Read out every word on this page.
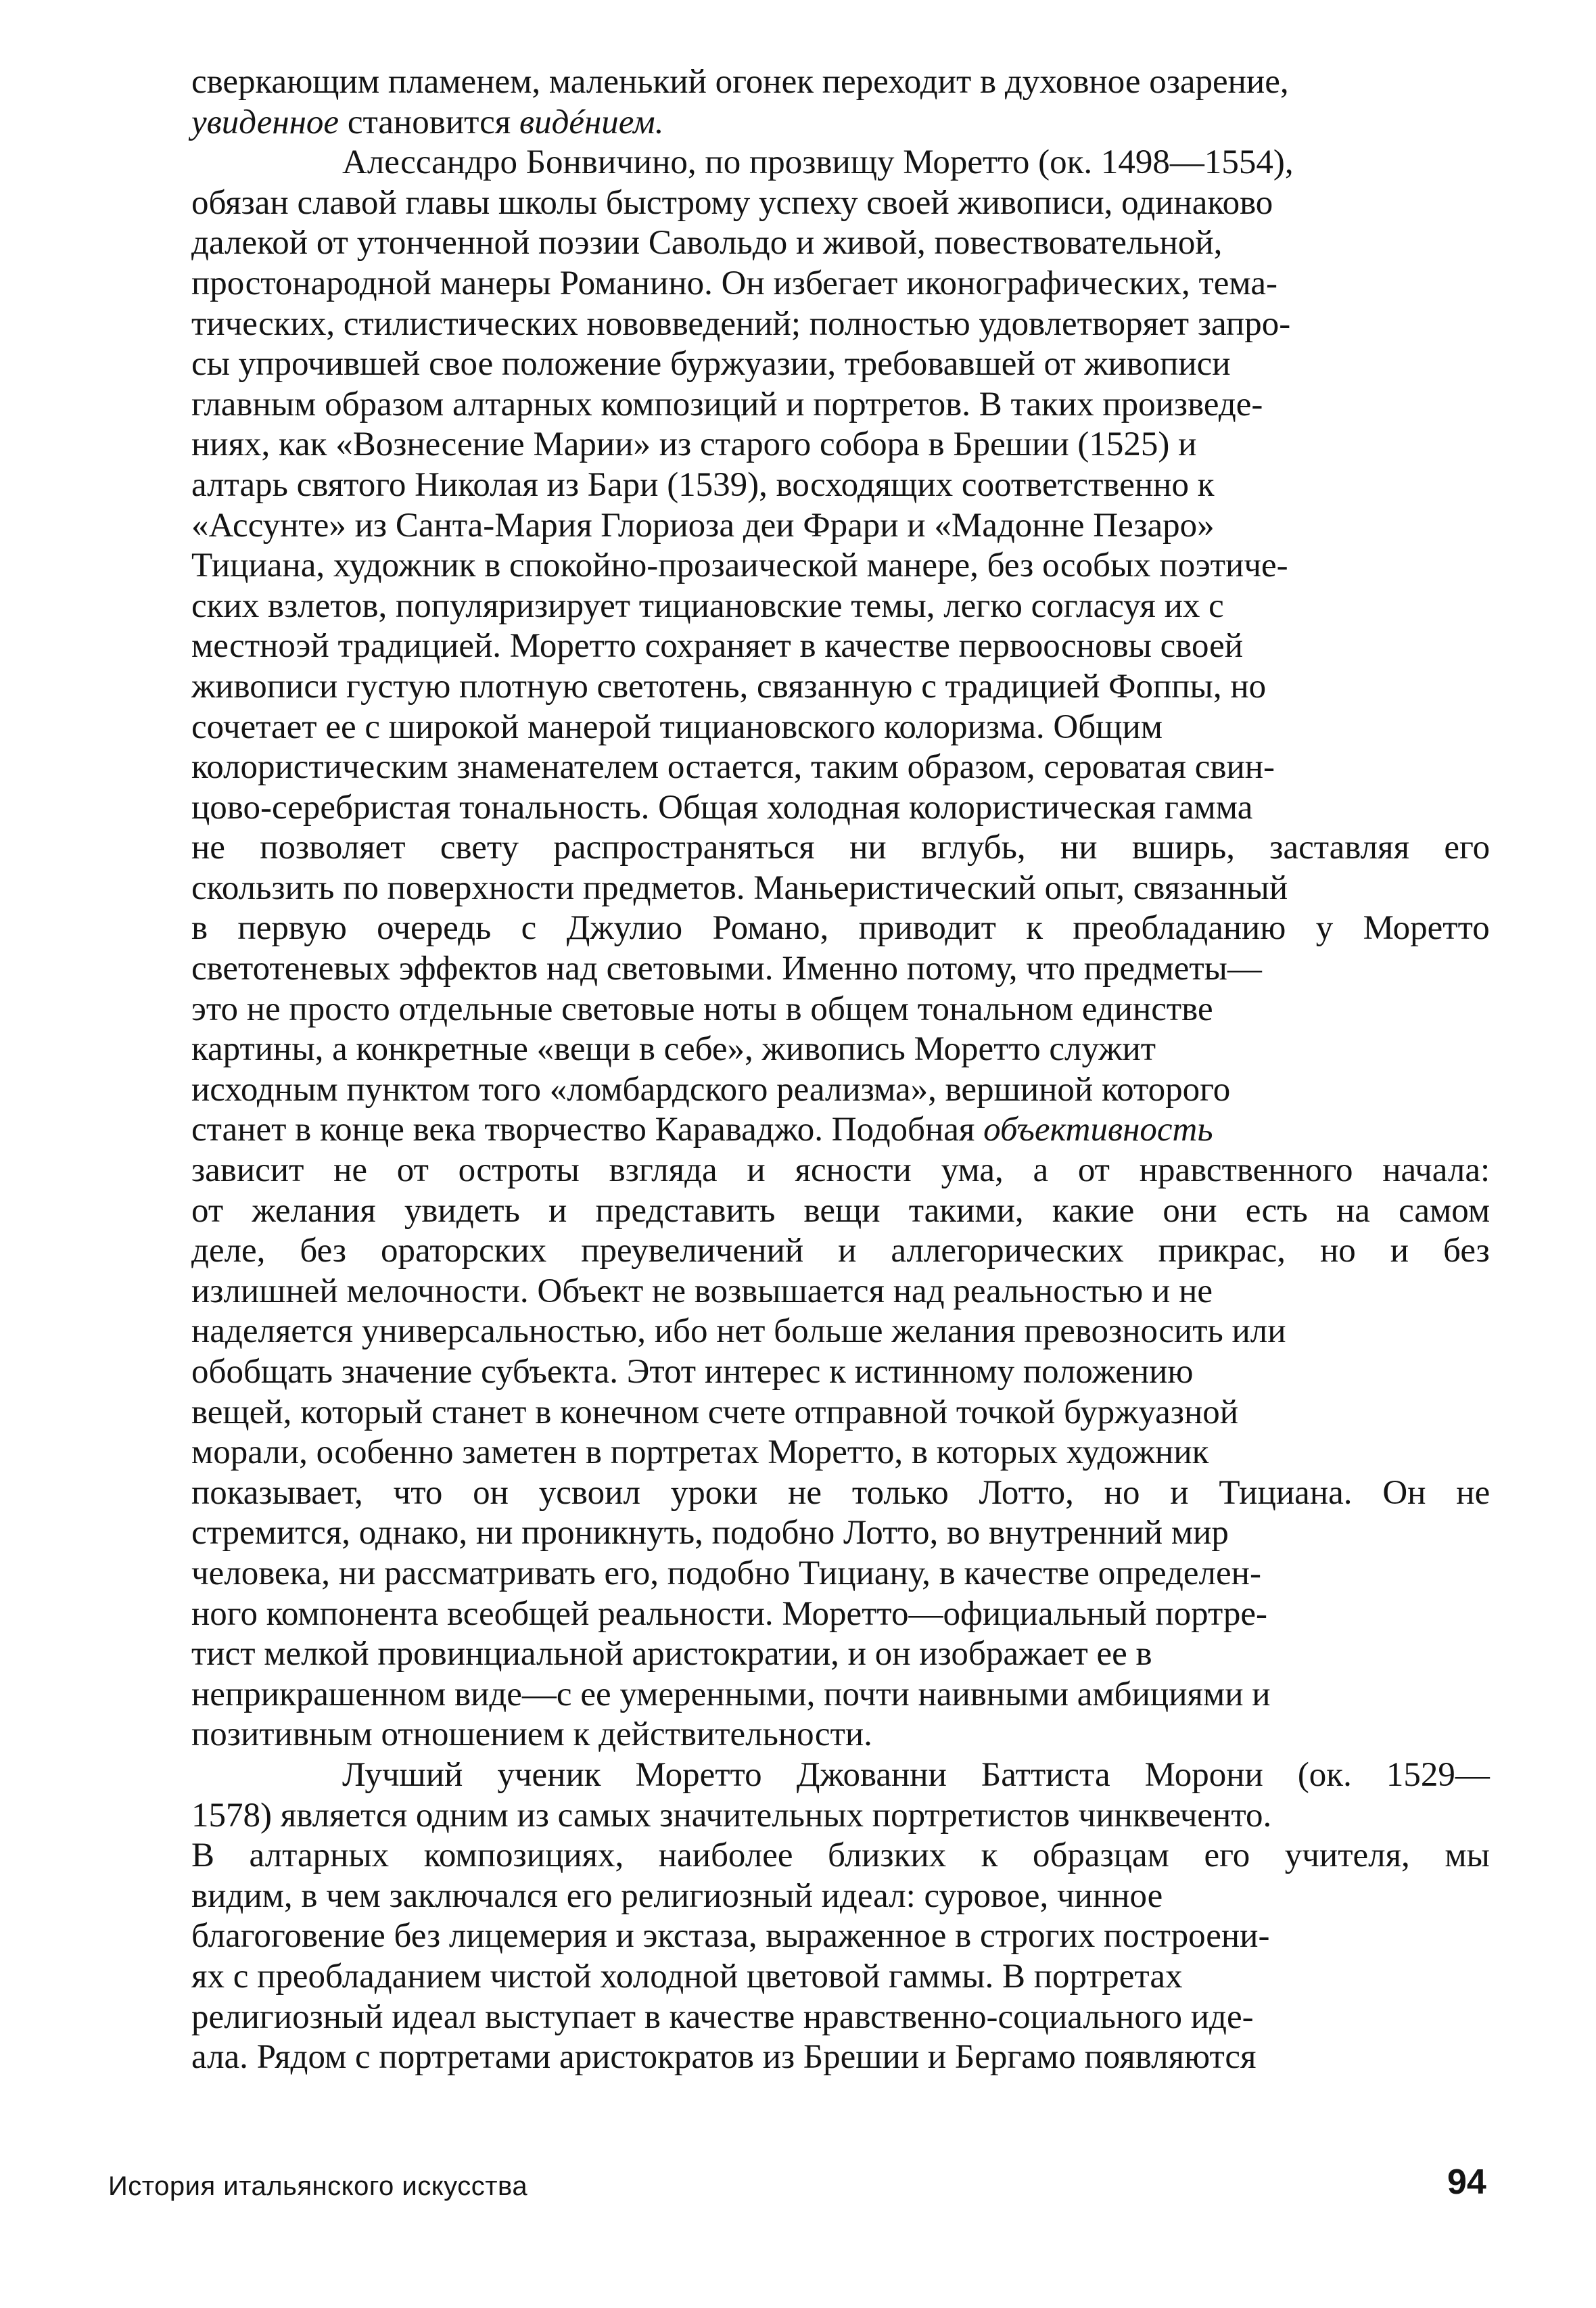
сверкающим пламенем, маленький огонек переходит в духовное озарение,
увиденное становится видéнием.
Алессандро Бонвичино, по прозвищу Моретто (ок. 1498—1554),
обязан славой главы школы быстрому успеху своей живописи, одинаково
далекой от утонченной поэзии Савольдо и живой, повествовательной,
простонародной манеры Романино. Он избегает иконографических, тема-
тических, стилистических нововведений; полностью удовлетворяет запро-
сы упрочившей свое положение буржуазии, требовавшей от живописи
главным образом алтарных композиций и портретов. В таких произведе-
ниях, как «Вознесение Марии» из старого собора в Брешии (1525) и
алтарь святого Николая из Бари (1539), восходящих соответственно к
«Ассунте» из Санта-Мария Глориоза деи Фрари и «Мадонне Пезаро»
Тициана, художник в спокойно-прозаической манере, без особых поэтиче-
ских взлетов, популяризирует тициановские темы, легко согласуя их с
местноэй традицией. Моретто сохраняет в качестве первоосновы своей
живописи густую плотную светотень, связанную с традицией Фоппы, но
сочетает ее с широкой манерой тициановского колоризма. Общим
колористическим знаменателем остается, таким образом, сероватая свин-
цово-серебристая тональность. Общая холодная колористическая гамма
не позволяет свету распространяться ни вглубь, ни вширь, заставляя его
скользить по поверхности предметов. Маньеристический опыт, связанный
в первую очередь с Джулио Романо, приводит к преобладанию у Моретто
светотеневых эффектов над световыми. Именно потому, что предметы—
это не просто отдельные световые ноты в общем тональном единстве
картины, а конкретные «вещи в себе», живопись Моретто служит
исходным пунктом того «ломбардского реализма», вершиной которого
станет в конце века творчество Караваджо. Подобная объективность
зависит не от остроты взгляда и ясности ума, а от нравственного начала:
от желания увидеть и представить вещи такими, какие они есть на самом
деле, без ораторских преувеличений и аллегорических прикрас, но и без
излишней мелочности. Объект не возвышается над реальностью и не
наделяется универсальностью, ибо нет больше желания превозносить или
обобщать значение субъекта. Этот интерес к истинному положению
вещей, который станет в конечном счете отправной точкой буржуазной
морали, особенно заметен в портретах Моретто, в которых художник
показывает, что он усвоил уроки не только Лотто, но и Тициана. Он не
стремится, однако, ни проникнуть, подобно Лотто, во внутренний мир
человека, ни рассматривать его, подобно Тициану, в качестве определен-
ного компонента всеобщей реальности. Моретто—официальный портре-
тист мелкой провинциальной аристократии, и он изображает ее в
неприкрашенном виде—с ее умеренными, почти наивными амбициями и
позитивным отношением к действительности.
Лучший ученик Моретто Джованни Баттиста Морони (ок. 1529—
1578) является одним из самых значительных портретистов чинквеченто.
В алтарных композициях, наиболее близких к образцам его учителя, мы
видим, в чем заключался его религиозный идеал: суровое, чинное
благоговение без лицемерия и экстаза, выраженное в строгих построени-
ях с преобладанием чистой холодной цветовой гаммы. В портретах
религиозный идеал выступает в качестве нравственно-социального иде-
ала. Рядом с портретами аристократов из Брешии и Бергамо появляются
История итальянского искусства	94
